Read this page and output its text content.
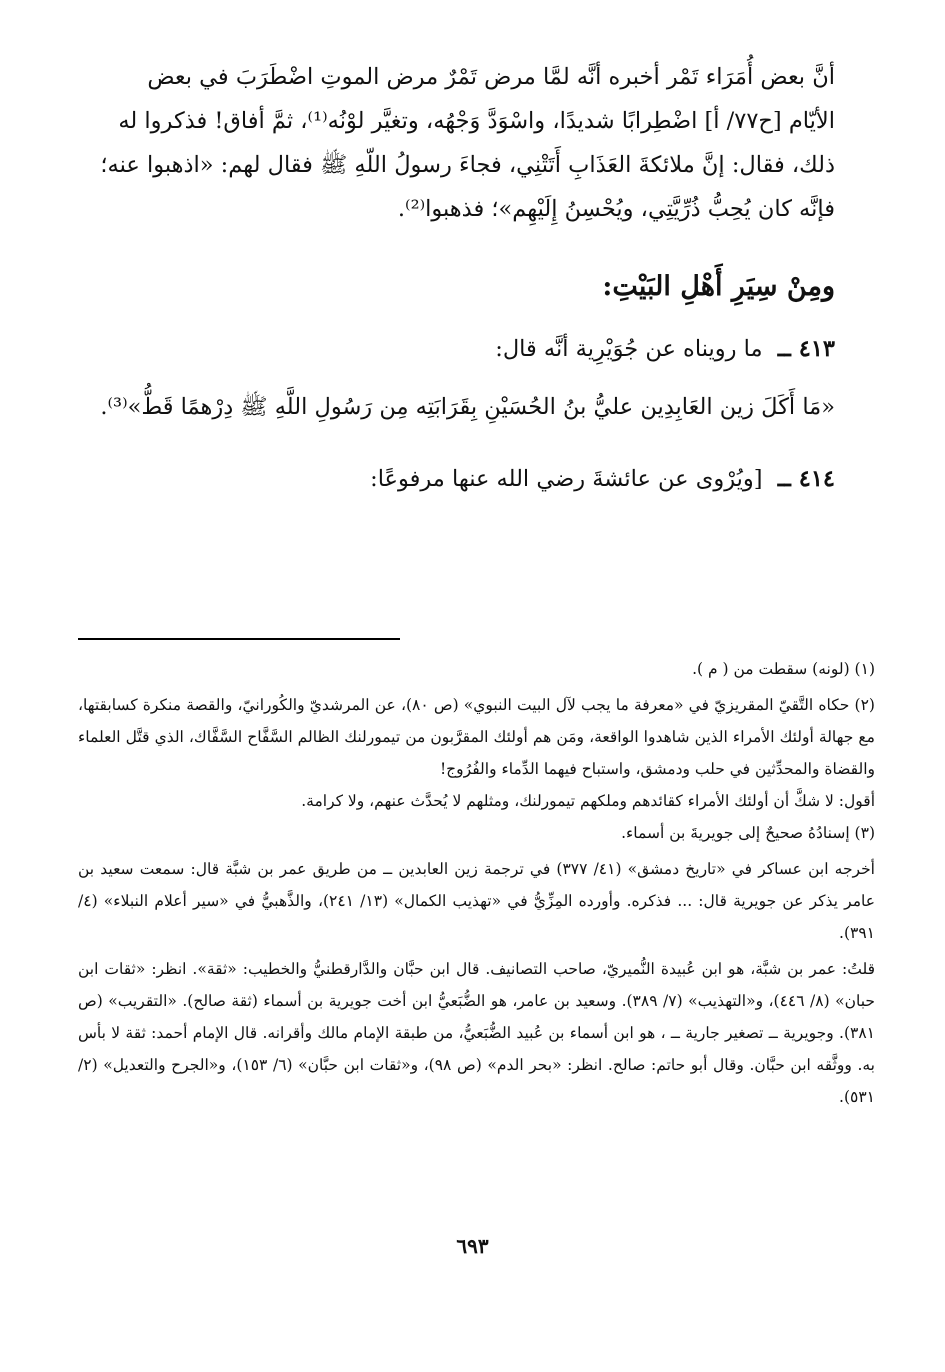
أنَّ بعض أُمَرَاء تَمْر أخبره أنَّه لمَّا مرض تَمْرٌ مرض الموتِ اضْطَرَبَ في بعض

الأيّام [ح٧٧/ أ] اضْطِرابًا شديدًا، واسْوَدَّ وَجْهُه، وتغيَّر لوْنُه⁽¹⁾، ثمَّ أفاق! فذكروا له

ذلك، فقال: إنَّ ملائكةَ العَذَابِ أَتَتْنِي، فجاءَ رسولُ اللّهِ ﷺ فقال لهم: «اذهبوا عنه؛

فإنَّه كان يُحِبُّ ذُرِّيَّتِي، ويُحْسِنُ إِلَيْهِم»؛ فذهبوا⁽²⁾.

ومِنْ سِيَرِ أَهْلِ البَيْتِ:
٤١٣ ــ ما رويناه عن جُوَيْرِية أنَّه قال:
«مَا أَكَلَ زين العَابِدِين عليُّ بنُ الحُسَيْنِ بِقَرَابَتِه مِن رَسُولِ اللَّهِ ﷺ دِرْهمًا قَطُّ»⁽³⁾.
٤١٤ ــ [ويُرْوى عن عائشةَ رضي الله عنها مرفوعًا:

(١) (لونه) سقطت من ( م ).

(٢) حكاه التَّقيّ المقريزيّ في «معرفة ما يجب لآل البيت النبوي» (ص ٨٠)، عن المرشديّ والكُورانيّ، والقصة منكرة كسابقتها، مع جهالة أولئك الأمراء الذين شاهدوا الواقعة، ومَن هم أولئك المقرَّبون من تيمورلنك الظالم السَّفَّاح السَّفَّاك، الذي قتَّل العلماء والقضاة والمحدِّثين في حلب ودمشق، واستباح فيهما الدِّماء والفُرُوج!

أقول: لا شكَّ أن أولئك الأمراء كقائدهم وملكهم تيمورلنك، ومثلهم لا يُحدَّث عنهم، ولا كرامة.

(٣) إسنادُهُ صحيحٌ إلى جويريةَ بن أسماء.

أخرجه ابن عساكر في «تاريخ دمشق» (٤١/ ٣٧٧) في ترجمة زين العابدين ــ من طريق عمر بن شبَّة قال: سمعت سعيد بن عامر يذكر عن جويرية قال: ... فذكره. وأورده المِزِّيُّ في «تهذيب الكمال» (١٣/ ٢٤١)، والذَّهبيُّ في «سير أعلام النبلاء» (٤/ ٣٩١).

قلتُ: عمر بن شبَّة، هو ابن عُبيدة النُّميريّ، صاحب التصانيف. قال ابن حبَّان والدَّارقطنيُّ والخطيب: «ثقة». انظر: «ثقات ابن حبان» (٨/ ٤٤٦)، و«التهذيب» (٧/ ٣٨٩). وسعيد بن عامر، هو الضُّبَعيُّ ابن أخت جويرية بن أسماء (ثقة صالح). «التقريب» (ص ٣٨١). وجويرية ــ تصغير جارية ــ ، هو ابن أسماء بن عُبيد الضُّبَعيُّ، من طبقة الإمام مالك وأقرانه. قال الإمام أحمد: ثقة لا بأس به. ووثَّقه ابن حبَّان. وقال أبو حاتم: صالح. انظر: «بحر الدم» (ص ٩٨)، و«ثقات ابن حبَّان» (٦/ ١٥٣)، و«الجرح والتعديل» (٢/ ٥٣١).

٦٩٣
